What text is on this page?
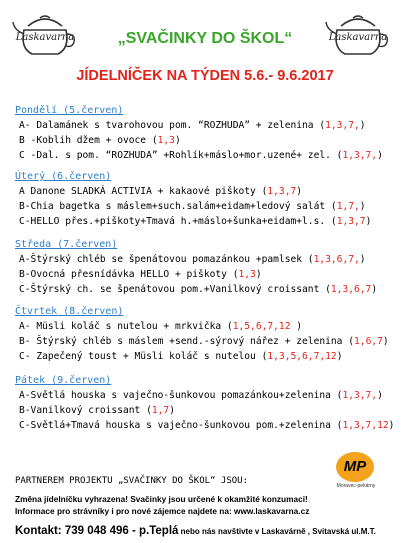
Laskavarna	Laskavarna
„SVAČINKY DO ŠKOL“
JÍDELNÍČEK NA TÝDEN 5.6.- 9.6.2017
Pondělí (5.červen)
A- Dalamánek s tvarohovou pom. “ROZHUDA” + zelenina (1,3,7,)
B -Koblih džem + ovoce (1,3)
C -Dal. s pom. “ROZHUDA” +Rohlík+máslo+mor.uzené+ zel. (1,3,7,)
Úterý (6.červen)
A Danone SLADKÁ ACTIVIA + kakaové piškoty (1,3,7)
B-Chia bagetka s máslem+such.salám+eidam+ledový salát (1,7,)
C-HELLO přes.+piškoty+Tmavá h.+máslo+šunka+eidam+l.s. (1,3,7)
Středa (7.červen)
A-Štýrský chléb se špenátovou pomazánkou +pamlsek (1,3,6,7,)
B-Ovocná přesnídávka HELLO + piškoty (1,3)
C-Štýrský ch. se špenátovou pom.+Vanilkový croissant (1,3,6,7)
Čtvrtek (8.červen)
A- Müsli koláč s nutelou + mrkvička (1,5,6,7,12 )
B- Štýrský chléb s máslem +send.-sýrový nářez + zelenina (1,6,7)
C- Zapečený toust + Müsli koláč s nutelou (1,3,5,6,7,12)
Pátek (9.červen)
A-Světlá houska s vaječno-šunkovou pomazánkou+zelenina (1,3,7,)
B-Vanilkový croissant (1,7)
C-Světlá+Tmavá houska s vaječno-šunkovou pom.+zelenina (1,3,7,12)
PARTNEREM PROJEKTU „SVAČINKY DO ŠKOL“ JSOU:
MP
Moravec-pekárny
Změna jídelníčku vyhrazena! Svačinky jsou určené k okamžité konzumaci!
Informace pro strávníky i pro nové zájemce najdete na: www.laskavarna.cz
Kontakt: 739 048 496 - p.Teplá nebo nás navštivte v Laskavárně , Svitavská ul.M.T.
